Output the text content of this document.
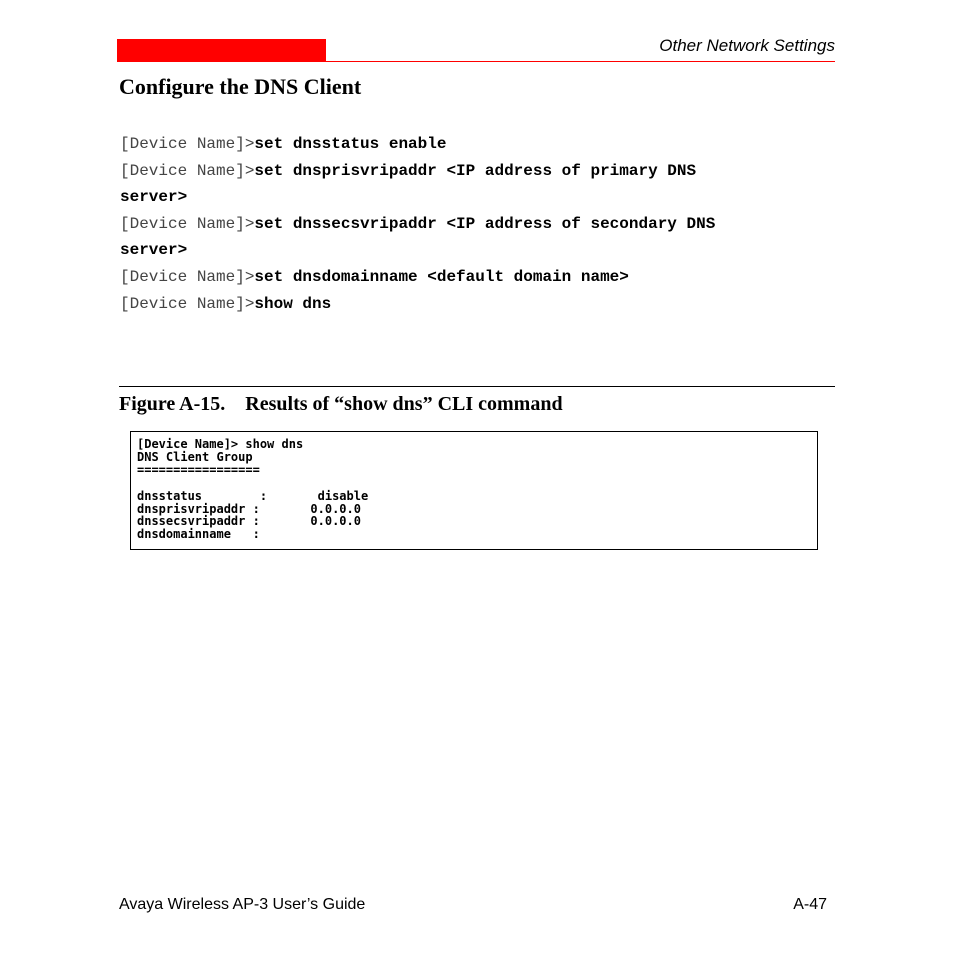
Other Network Settings
Configure the DNS Client
[Device Name]>set dnsstatus enable
[Device Name]>set dnsprisvripaddr <IP address of primary DNS
server>
[Device Name]>set dnssecsvripaddr <IP address of secondary DNS
server>
[Device Name]>set dnsdomainname <default domain name>
[Device Name]>show dns
Figure A-15. Results of “show dns” CLI command
[Device Name]> show dns
DNS Client Group
=================

dnsstatus        :       disable
dnsprisvripaddr :       0.0.0.0
dnssecsvripaddr :       0.0.0.0
dnsdomainname   :
Avaya Wireless AP-3 User’s Guide	A-47
